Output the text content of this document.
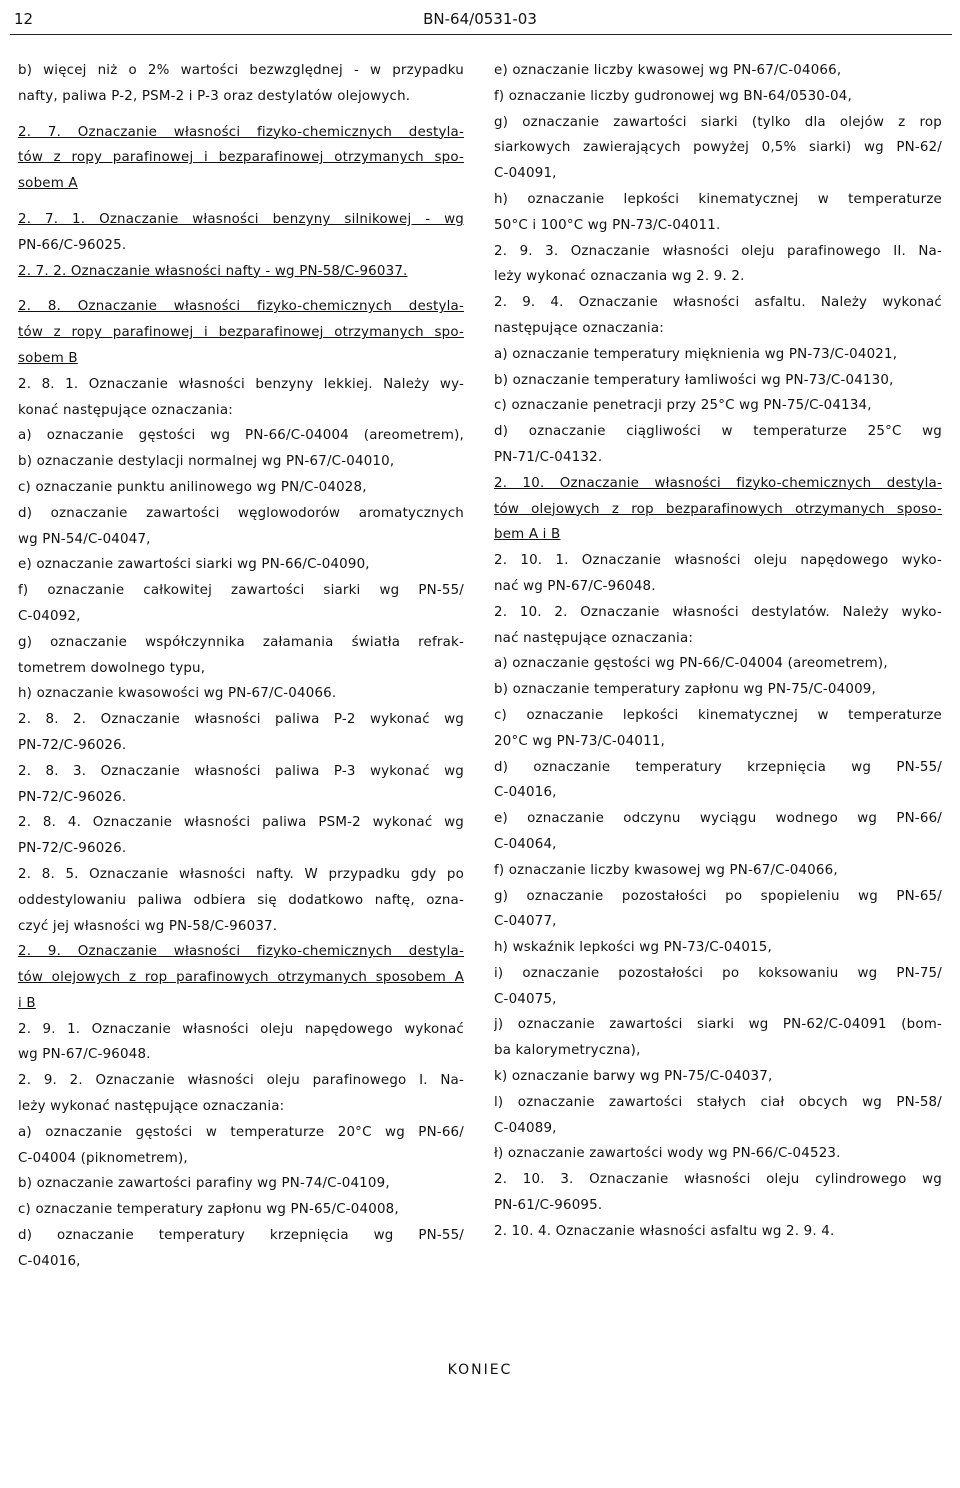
12	BN-64/0531-03
b) więcej niż o 2% wartości bezwzględnej - w przypadku
nafty, paliwa P-2, PSM-2 i P-3 oraz destylatów olejowych.
2. 7. Oznaczanie własności fizyko-chemicznych destyla-
tów z ropy parafinowej i bezparafinowej otrzymanych spo-
sobem A
2. 7. 1. Oznaczanie własności benzyny silnikowej - wg
PN-66/C-96025.
2. 7. 2. Oznaczanie własności nafty - wg PN-58/C-96037.
2. 8. Oznaczanie własności fizyko-chemicznych destyla-
tów z ropy parafinowej i bezparafinowej otrzymanych spo-
sobem B
2. 8. 1. Oznaczanie własności benzyny lekkiej. Należy wy-
konać następujące oznaczania:
a) oznaczanie gęstości wg PN-66/C-04004 (areometrem),
b) oznaczanie destylacji normalnej wg PN-67/C-04010,
c) oznaczanie punktu anilinowego wg PN/C-04028,
d) oznaczanie zawartości węglowodorów aromatycznych
wg PN-54/C-04047,
e) oznaczanie zawartości siarki wg PN-66/C-04090,
f) oznaczanie całkowitej zawartości siarki wg PN-55/
C-04092,
g) oznaczanie współczynnika załamania światła refrak-
tometrem dowolnego typu,
h) oznaczanie kwasowości wg PN-67/C-04066.
2. 8. 2. Oznaczanie własności paliwa P-2 wykonać wg
PN-72/C-96026.
2. 8. 3. Oznaczanie własności paliwa P-3 wykonać wg
PN-72/C-96026.
2. 8. 4. Oznaczanie własności paliwa PSM-2 wykonać wg
PN-72/C-96026.
2. 8. 5. Oznaczanie własności nafty. W przypadku gdy po
oddestylowaniu paliwa odbiera się dodatkowo naftę, ozna-
czyć jej własności wg PN-58/C-96037.
2. 9. Oznaczanie własności fizyko-chemicznych destyla-
tów olejowych z rop parafinowych otrzymanych sposobem A
i B
2. 9. 1. Oznaczanie własności oleju napędowego wykonać
wg PN-67/C-96048.
2. 9. 2. Oznaczanie własności oleju parafinowego I. Na-
leży wykonać następujące oznaczania:
a) oznaczanie gęstości w temperaturze 20°C wg PN-66/
C-04004 (piknometrem),
b) oznaczanie zawartości parafiny wg PN-74/C-04109,
c) oznaczanie temperatury zapłonu wg PN-65/C-04008,
d) oznaczanie temperatury krzepnięcia wg PN-55/
C-04016,
e) oznaczanie liczby kwasowej wg PN-67/C-04066,
f) oznaczanie liczby gudronowej wg BN-64/0530-04,
g) oznaczanie zawartości siarki (tylko dla olejów z rop
siarkowych zawierających powyżej 0,5% siarki) wg PN-62/
C-04091,
h) oznaczanie lepkości kinematycznej w temperaturze
50°C i 100°C wg PN-73/C-04011.
2. 9. 3. Oznaczanie własności oleju parafinowego II. Na-
leży wykonać oznaczania wg 2. 9. 2.
2. 9. 4. Oznaczanie własności asfaltu. Należy wykonać
następujące oznaczania:
a) oznaczanie temperatury mięknienia wg PN-73/C-04021,
b) oznaczanie temperatury łamliwości wg PN-73/C-04130,
c) oznaczanie penetracji przy 25°C wg PN-75/C-04134,
d) oznaczanie ciągliwości w temperaturze 25°C wg
PN-71/C-04132.
2. 10. Oznaczanie własności fizyko-chemicznych destyla-
tów olejowych z rop bezparafinowych otrzymanych sposo-
bem A i B
2. 10. 1. Oznaczanie własności oleju napędowego wyko-
nać wg PN-67/C-96048.
2. 10. 2. Oznaczanie własności destylatów. Należy wyko-
nać następujące oznaczania:
a) oznaczanie gęstości wg PN-66/C-04004 (areometrem),
b) oznaczanie temperatury zapłonu wg PN-75/C-04009,
c) oznaczanie lepkości kinematycznej w temperaturze
20°C wg PN-73/C-04011,
d) oznaczanie temperatury krzepnięcia wg PN-55/
C-04016,
e) oznaczanie odczynu wyciągu wodnego wg PN-66/
C-04064,
f) oznaczanie liczby kwasowej wg PN-67/C-04066,
g) oznaczanie pozostałości po spopieleniu wg PN-65/
C-04077,
h) wskaźnik lepkości wg PN-73/C-04015,
i) oznaczanie pozostałości po koksowaniu wg PN-75/
C-04075,
j) oznaczanie zawartości siarki wg PN-62/C-04091 (bom-
ba kalorymetryczna),
k) oznaczanie barwy wg PN-75/C-04037,
l) oznaczanie zawartości stałych ciał obcych wg PN-58/
C-04089,
ł) oznaczanie zawartości wody wg PN-66/C-04523.
2. 10. 3. Oznaczanie własności oleju cylindrowego wg
PN-61/C-96095.
2. 10. 4. Oznaczanie własności asfaltu wg 2. 9. 4.
KONIEC
